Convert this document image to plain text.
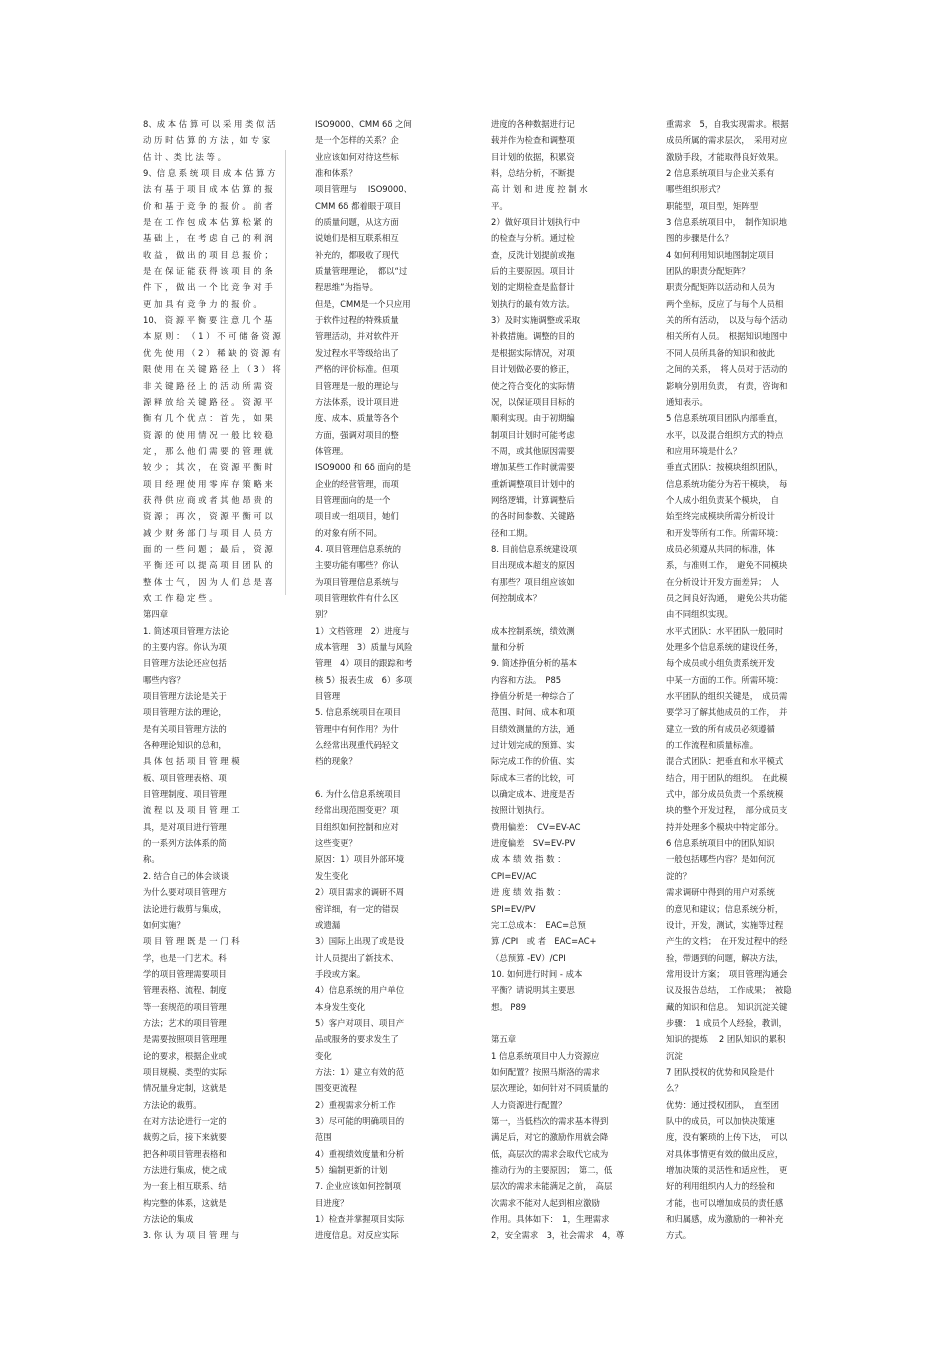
8、成 本 估 算 可 以 采 用 类 似 活
动 历 时 估 算 的 方 法 ，如 专 家
估 计 、类 比 法 等 。
9、信 息 系 统 项 目 成 本 估 算 方
法 有 基 于 项 目 成 本 估 算 的 报
价 和 基 于 竞 争 的 报 价 。 前 者
是 在 工 作 包 成 本 估 算 松 紧 的
基 础 上 ， 在 考 虑 自 己 的 利 润
收 益 ， 做 出 的 项 目 总 报 价 ；
是 在 保 证 能 获 得 该 项 目 的 条
件 下 ， 做 出 一 个 比 竞 争 对 手
更 加 具 有 竞 争 力 的 报 价 。
10、 资 源 平 衡 要 注 意 几 个 基
本 原 则 ： （ 1 ） 不 可 储 备 资 源
优 先 使 用 （ 2 ） 稀 缺 的 资 源 有
限 使 用 在 关 键 路 径 上 （ 3 ） 将
非 关 键 路 径 上 的 活 动 所 需 资
源 释 放 给 关 键 路 径 。 资 源 平
衡 有 几 个 优 点 ： 首 先 ， 如 果
资 源 的 使 用 情 况 一 般 比 较 稳
定 ， 那 么 他 们 需 要 的 管 理 就
较 少 ； 其 次 ， 在 资 源 平 衡 时
项 目 经 理 使 用 零 库 存 策 略 来
获 得 供 应 商 或 者 其 他 昂 贵 的
资 源 ； 再 次 ， 资 源 平 衡 可 以
减 少 财 务 部 门 与 项 目 人 员 方
面 的 一 些 问 题 ； 最 后 ， 资 源
平 衡 还 可 以 提 高 项 目 团 队 的
整 体 士 气 ， 因 为 人 们 总 是 喜
欢 工 作 稳 定 些 。
第四章
1. 简述项目管理方法论
的主要内容。你认为项
目管理方法论还应包括
哪些内容？
项目管理方法论是关于
项目管理方法的理论，
是有关项目管理方法的
各种理论知识的总和，
具 体 包 括 项 目 管 理 模
板、项目管理表格、项
目管理制度、项目管理
流 程 以 及 项 目 管 理 工
具，是对项目进行管理
的一系列方法体系的简
称。
2. 结合自己的体会谈谈
为什么要对项目管理方
法论进行裁剪与集成，
如何实施？
项 目 管 理 既 是 一 门 科
学，也是一门艺术。科
学的项目管理需要项目
管理表格、流程、制度
等一套规范的项目管理
方法；艺术的项目管理
是需要按照项目管理理
论的要求，根据企业或
项目规模、类型的实际
情况量身定制，这就是
方法论的裁剪。
在对方法论进行一定的
裁剪之后，接下来就要
把各种项目管理表格和
方法进行集成，使之成
为一套上相互联系、结
构完整的体系，这就是
方法论的集成
3. 你 认 为 项 目 管 理 与
ISO9000、CMM 6δ 之间
是一个怎样的关系？企
业应该如何对待这些标
准和体系？
项目管理与　 ISO9000、
CMM 6δ 都着眼于项目
的质量问题，从这方面
说她们是相互联系相互
补充的，都吸收了现代
质量管理理论，　都以“过
程思维”为指导。
但是，CMM是一个只应用
于软件过程的特殊质量
管理活动，并对软件开
发过程水平等级给出了
严格的评价标准。但项
目管理是一般的理论与
方法体系，设计项目进
度、成本、质量等各个
方面，强调对项目的整
体管理。
ISO9000 和 6δ 面向的是
企业的经营管理，而项
目管理面向的是一个
项目或一组项目，她们
的对象有所不同。
4. 项目管理信息系统的
主要功能有哪些？你认
为项目管理信息系统与
项目管理软件有什么区
别？
1）文档管理　2）进度与
成本管理　3）质量与风险
管理　4）项目的跟踪和考
核 5）报表生成　6）多项
目管理
5. 信息系统项目在项目
管理中有何作用？为什
么经常出现重代码轻文
档的现象？
6. 为什么信息系统项目
经常出现范围变更？项
目组织如何控制和应对
这些变更？
原因：1）项目外部环境
发生变化
2）项目需求的调研不周
密详细，有一定的错误
或遗漏
3）国际上出现了或是设
计人员提出了新技术、
手段或方案。
4）信息系统的用户单位
本身发生变化
5）客户对项目、项目产
品或服务的要求发生了
变化
方法：1）建立有效的范
围变更流程
2）重视需求分析工作
3）尽可能的明确项目的
范围
4）重视绩效度量和分析
5）编制更新的计划
7. 企业应该如何控制项
目进度？
1）检查并掌握项目实际
进度信息。对反应实际
进度的各种数据进行记
载并作为检查和调整项
目计划的依据，积累资
料，总结分析，不断提
高 计 划 和 进 度 控 制 水
平。
2）做好项目计划执行中
的检查与分析。通过检
查，反洗计划提前或拖
后的主要原因。项目计
划的定期检查是监督计
划执行的最有效方法。
3）及时实施调整或采取
补救措施。调整的目的
是根据实际情况，对项
目计划做必要的修正，
使之符合变化的实际情
况，以保证项目目标的
顺利实现。由于初期编
制项目计划时可能考虑
不周，或其他原因需要
增加某些工作时就需要
重新调整项目计划中的
网络逻辑，计算调整后
的各时间参数、关键路
径和工期。
8. 目前信息系统建设项
目出现成本超支的原因
有那些？项目组应该如
何控制成本？
成本控制系统，绩效测
量和分析
9. 简述挣值分析的基本
内容和方法。　P85
挣值分析是一种综合了
范围、时间、成本和项
目绩效测量的方法，通
过计划完成的预算、实
际完成工作的价值、实
际成本三者的比较，可
以确定成本、进度是否
按照计划执行。
费用偏差：　CV=EV-AC
进度偏差　SV=EV-PV
成 本 绩 效 指 数 ：
CPI=EV/AC
进 度 绩 效 指 数 ：
SPI=EV/PV
完工总成本：　EAC=总预
算 /CPI　或 者　EAC=AC+
（总预算 -EV）/CPI
10. 如何进行时间 - 成本
平衡？请说明其主要思
想。 P89
第五章
1 信息系统项目中人力资源应
如何配置？按照马斯洛的需求
层次理论，如何针对不同质量的
人力资源进行配置？
第一，当低档次的需求基本得到
满足后，对它的激励作用就会降
低，高层次的需求会取代它成为
推动行为的主要原因；　第二，低
层次的需求未能满足之前，　高层
次需求不能对人起到相应激励
作用。具体如下：　1，生理需求
2，安全需求　3，社会需求　4，尊
重需求　5，自我实现需求。根据
成员所属的需求层次，　采用对应
激励手段，才能取得良好效果。
2 信息系统项目与企业关系有
哪些组织形式？
职能型，项目型，矩阵型
3 信息系统项目中，　制作知识地
图的步骤是什么？
4 如何利用知识地图制定项目
团队的职责分配矩阵？
职责分配矩阵以活动和人员为
两个坐标，反应了与每个人员相
关的所有活动，　以及与每个活动
相关所有人员。　根据知识地图中
不同人员所具备的知识和彼此
之间的关系，　将人员对于活动的
影响分别用负责，　有责，咨询和
通知表示。
5 信息系统项目团队内部垂直，
水平，以及混合组织方式的特点
和应用环境是什么？
垂直式团队：按模块组织团队，
信息系统功能分为若干模块，　每
个人成小组负责某个模块，　自
始至终完成模块所需分析设计
和开发等所有工作。所需环境：
成员必须遵从共同的标准，体
系，与准则工作，　避免不同模块
在分析设计开发方面差异；　人
员之间良好沟通，　避免公共功能
由不同组织实现。
水平式团队：水平团队一般同时
处理多个信息系统的建设任务，
每个成员或小组负责系统开发
中某一方面的工作。所需环境：
水平团队的组织关键是，　成员需
要学习了解其他成员的工作，　并
建立一致的所有成员必须遵循
的工作流程和质量标准。
混合式团队：把垂直和水平模式
结合，用于团队的组织。　在此模
式中，部分成员负责一个系统模
块的整个开发过程，　部分成员支
持并处理多个模块中特定部分。
6 信息系统项目中的团队知识
一般包括哪些内容？是如何沉
淀的？
需求调研中得到的用户对系统
的意见和建议；信息系统分析，
设计，开发，测试，实施等过程
产生的文档；　在开发过程中的经
验，带遇到的问题，解决方法，
常用设计方案；　项目管理沟通会
议及报告总结，　工作成果；　被隐
藏的知识和信息。　知识沉淀关键
步骤：　1 成员个人经验，教训，
知识的提炼　 2 团队知识的累积
沉淀
7 团队授权的优势和风险是什
么？
优势：通过授权团队，　直至团
队中的成员，可以加快决策速
度，没有繁琐的上传下达，　可以
对具体事情更有效的做出反应，
增加决策的灵活性和适应性，　更
好的利用组织内人力的经验和
才能，也可以增加成员的责任感
和归属感，成为激励的一种补充
方式。
